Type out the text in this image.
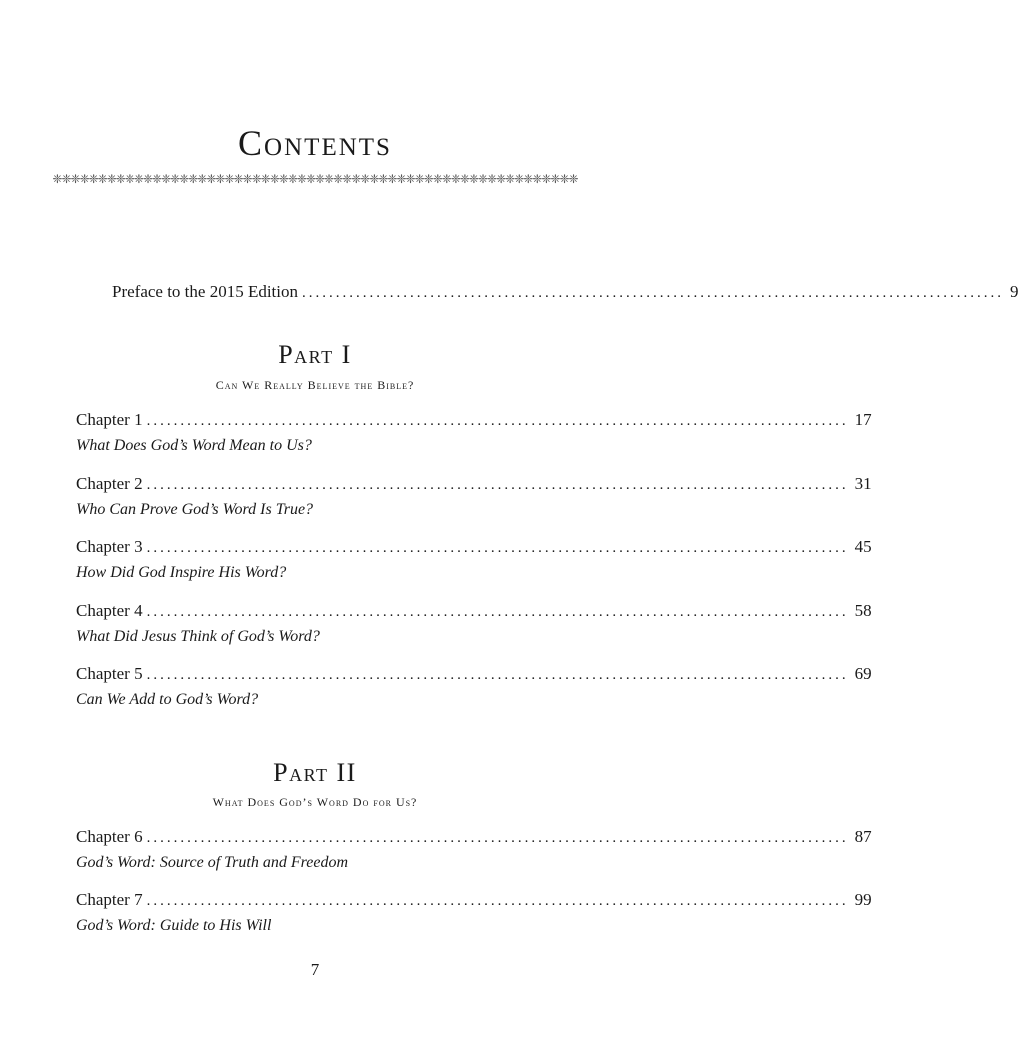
Contents
❈❈❈❈❈❈❈❈❈❈❈❈❈❈❈❈❈❈❈❈❈❈❈❈❈❈❈❈❈❈❈❈❈❈❈❈❈❈❈❈❈❈❈❈❈❈❈❈❈❈❈❈❈❈❈❈❈❈
Preface to the 2015 Edition ........................................................................................................ 9
Part I
Can We Really Believe the Bible?
Chapter 1 ........................................................................................................ 17
What Does God’s Word Mean to Us?
Chapter 2 ........................................................................................................ 31
Who Can Prove God’s Word Is True?
Chapter 3 ........................................................................................................ 45
How Did God Inspire His Word?
Chapter 4 ........................................................................................................ 58
What Did Jesus Think of God’s Word?
Chapter 5 ........................................................................................................ 69
Can We Add to God’s Word?
Part II
What Does God’s Word Do for Us?
Chapter 6 ........................................................................................................ 87
God’s Word: Source of Truth and Freedom
Chapter 7 ........................................................................................................ 99
God’s Word: Guide to His Will
7
